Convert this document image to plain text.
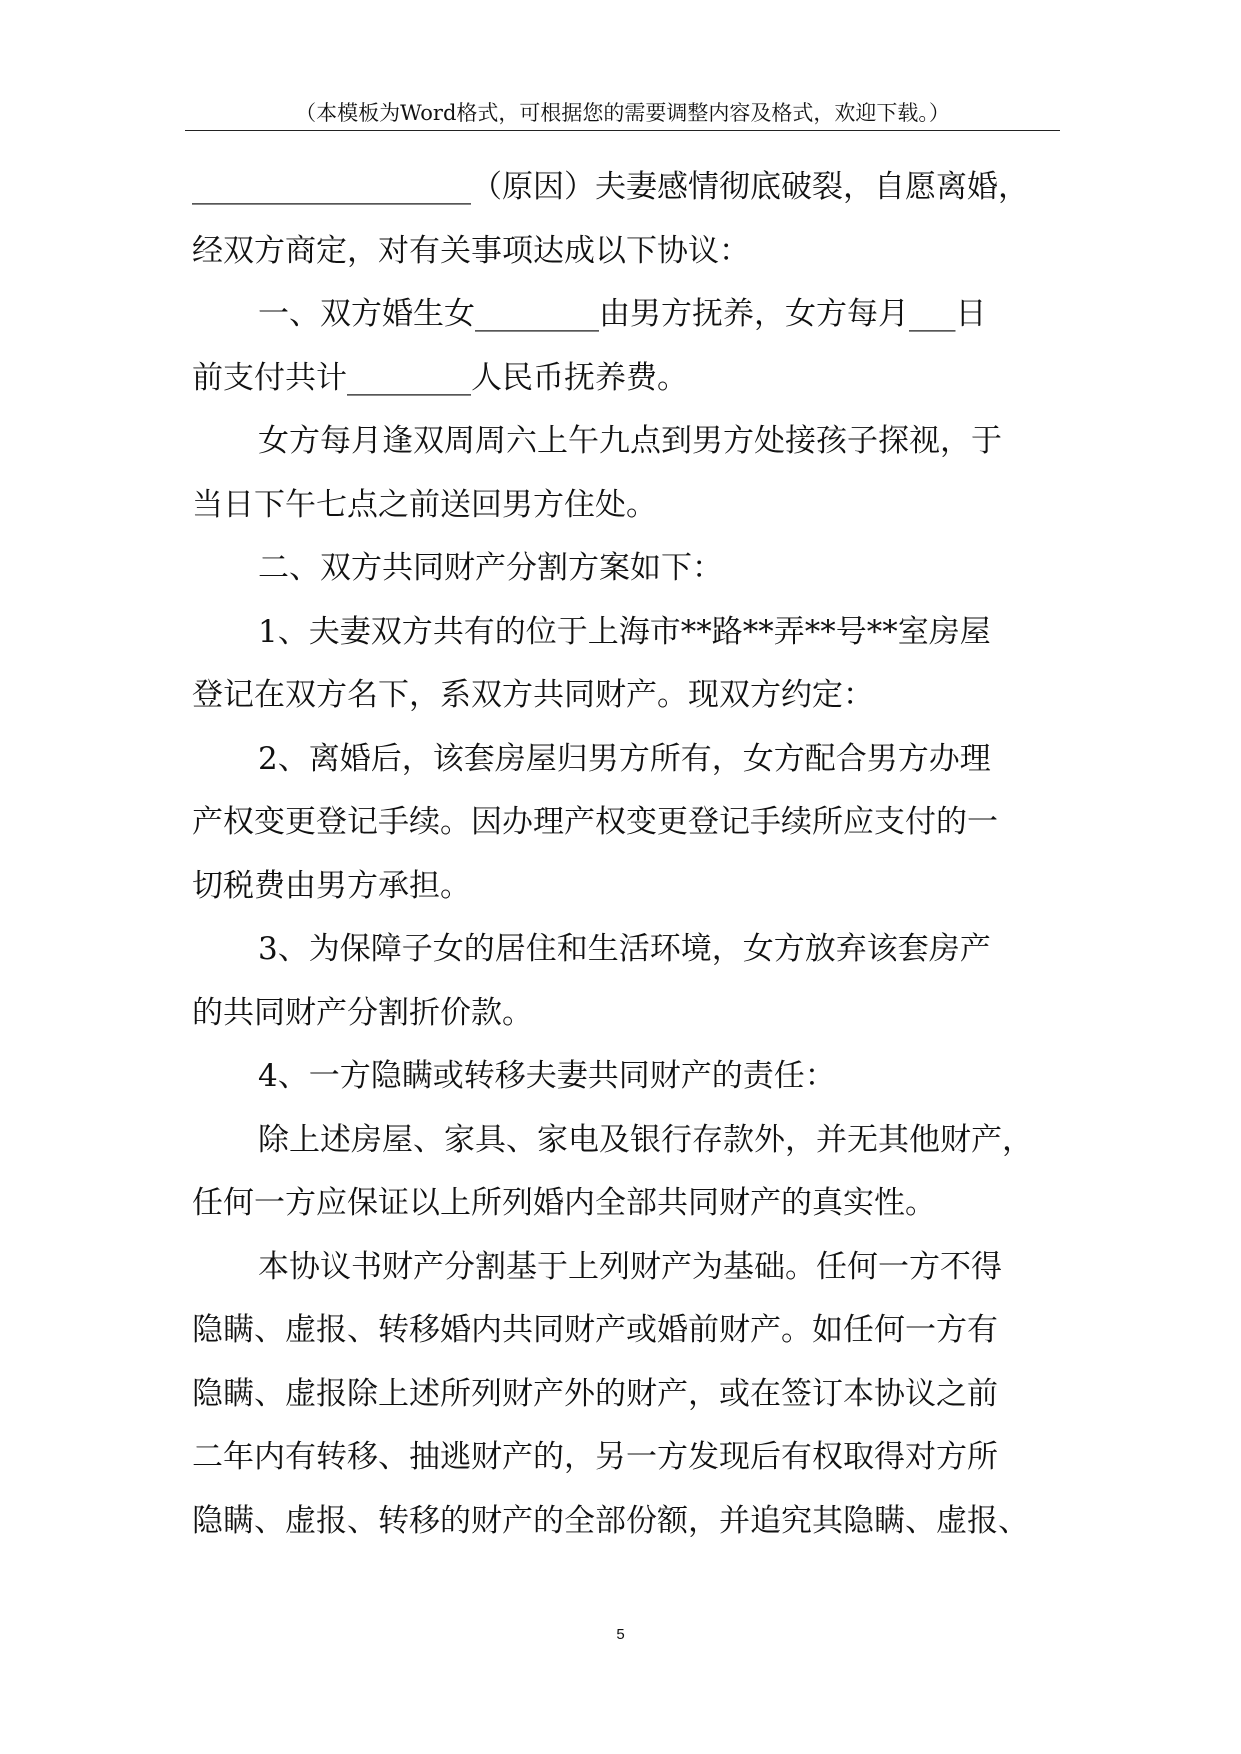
（本模板为Word格式，可根据您的需要调整内容及格式，欢迎下载。）
__________________（原因）夫妻感情彻底破裂，自愿离婚，
经双方商定，对有关事项达成以下协议：
一、双方婚生女________由男方抚养，女方每月___日
前支付共计________人民币抚养费。
女方每月逢双周周六上午九点到男方处接孩子探视，于
当日下午七点之前送回男方住处。
二、双方共同财产分割方案如下：
1、夫妻双方共有的位于上海市**路**弄**号**室房屋
登记在双方名下，系双方共同财产。现双方约定：
2、离婚后，该套房屋归男方所有，女方配合男方办理
产权变更登记手续。因办理产权变更登记手续所应支付的一
切税费由男方承担。
3、为保障子女的居住和生活环境，女方放弃该套房产
的共同财产分割折价款。
4、一方隐瞒或转移夫妻共同财产的责任：
除上述房屋、家具、家电及银行存款外，并无其他财产，
任何一方应保证以上所列婚内全部共同财产的真实性。
本协议书财产分割基于上列财产为基础。任何一方不得
隐瞒、虚报、转移婚内共同财产或婚前财产。如任何一方有
隐瞒、虚报除上述所列财产外的财产，或在签订本协议之前
二年内有转移、抽逃财产的，另一方发现后有权取得对方所
隐瞒、虚报、转移的财产的全部份额，并追究其隐瞒、虚报、
5
